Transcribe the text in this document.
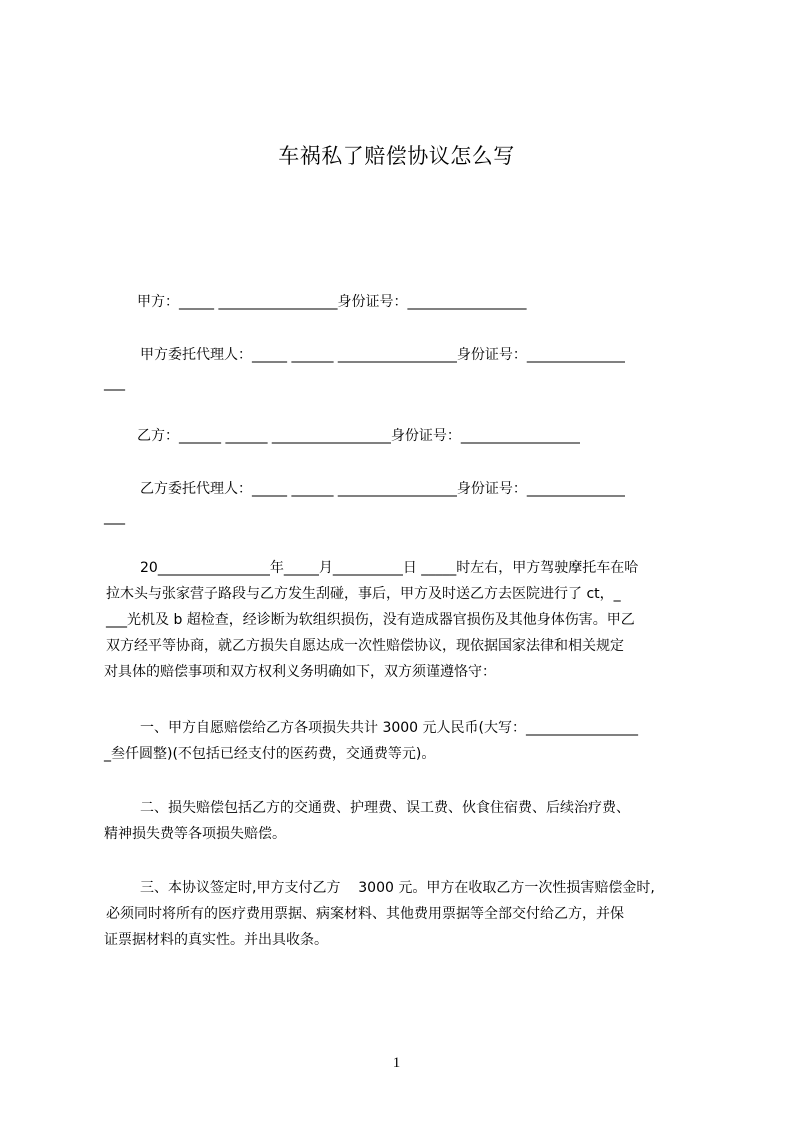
车祸私了赔偿协议怎么写
甲方：_____ _________________身份证号：_________________
甲方委托代理人：_____ ______ _________________身份证号：______________
___
乙方：______ ______ _________________身份证号：_________________
乙方委托代理人：_____ ______ _________________身份证号：______________
___
20________________年_____月__________日 _____时左右，甲方驾驶摩托车在哈
拉木头与张家营子路段与乙方发生刮碰，事后，甲方及时送乙方去医院进行了 ct，_
___光机及 b 超检查，经诊断为软组织损伤，没有造成器官损伤及其他身体伤害。甲乙
双方经平等协商，就乙方损失自愿达成一次性赔偿协议，现依据国家法律和相关规定
对具体的赔偿事项和双方权利义务明确如下，双方须谨遵恪守：
一、甲方自愿赔偿给乙方各项损失共计 3000 元人民币(大写：________________
_叁仟圆整)(不包括已经支付的医药费，交通费等元)。
二、损失赔偿包括乙方的交通费、护理费、误工费、伙食住宿费、后续治疗费、
精神损失费等各项损失赔偿。
三、本协议签定时,甲方支付乙方    3000 元。甲方在收取乙方一次性损害赔偿金时,
必须同时将所有的医疗费用票据、病案材料、其他费用票据等全部交付给乙方，并保
证票据材料的真实性。并出具收条。
1
